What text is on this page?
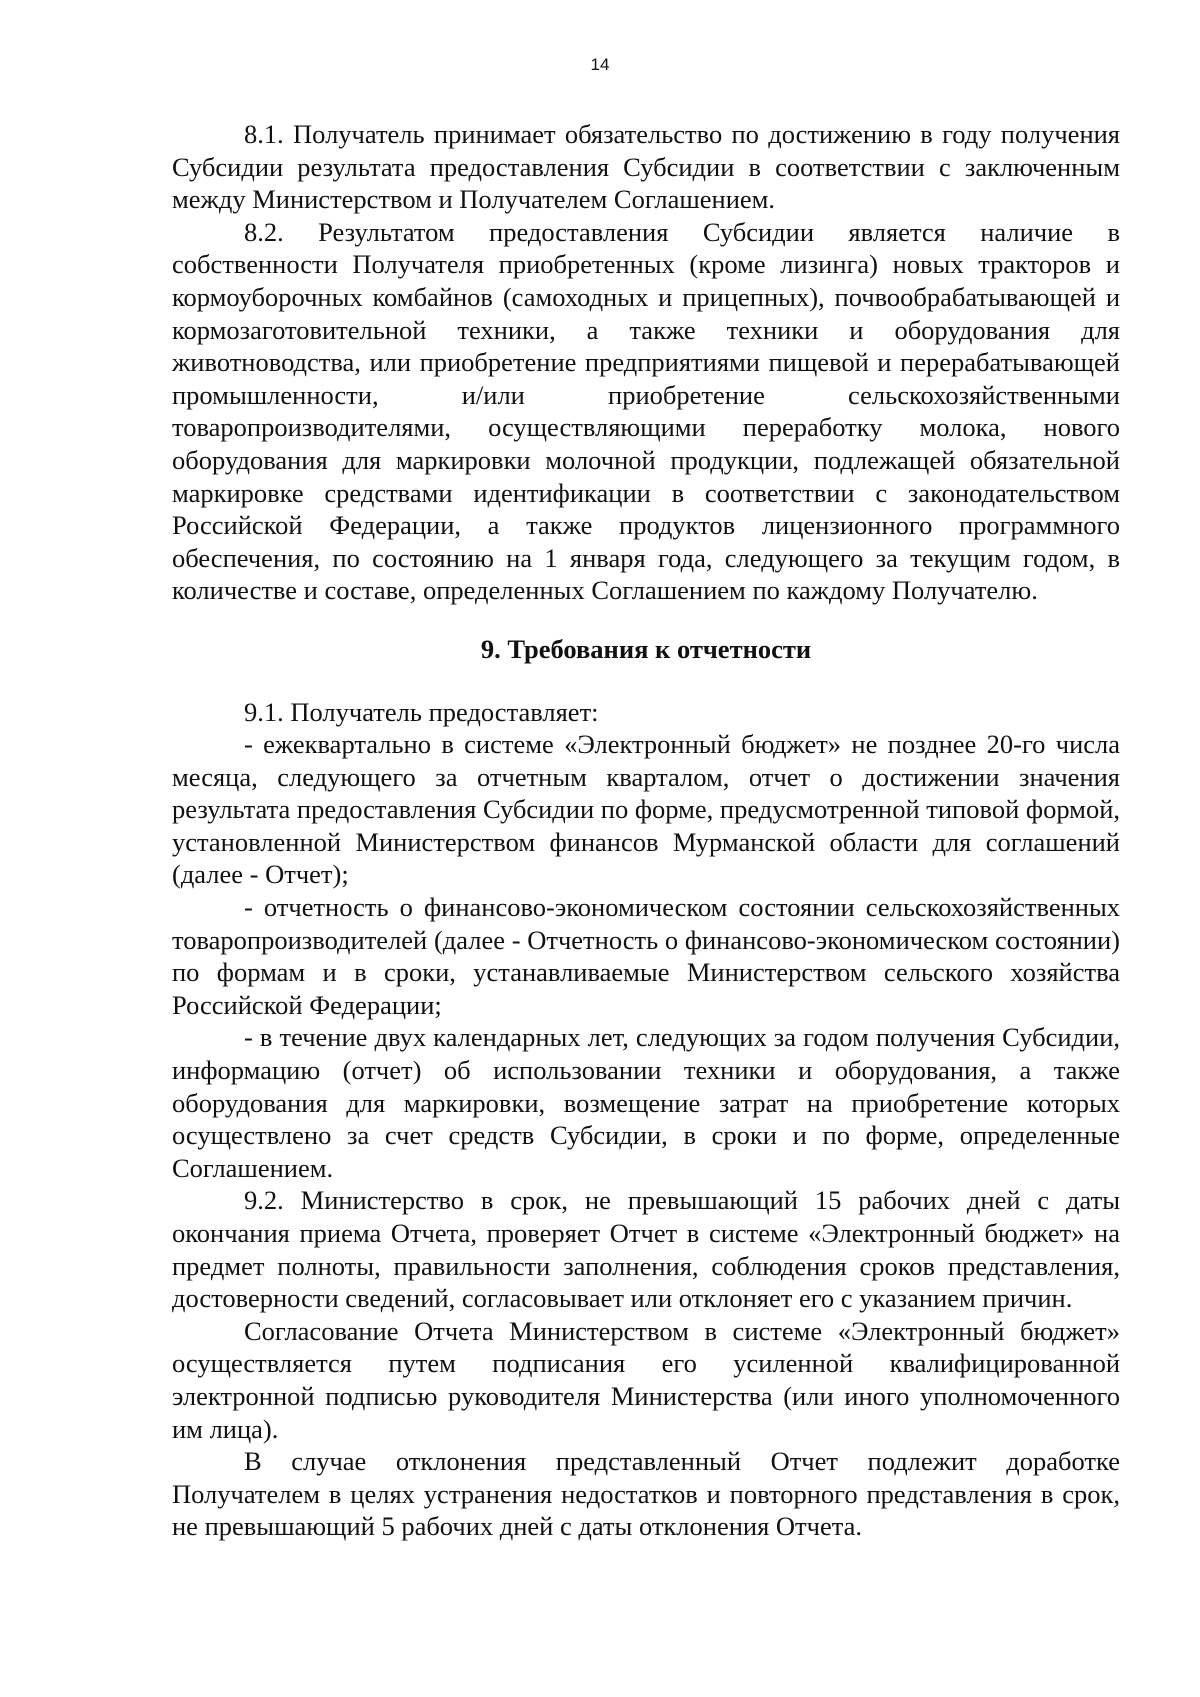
14

8.1. Получатель принимает обязательство по достижению в году получения Субсидии результата предоставления Субсидии в соответствии с заключенным между Министерством и Получателем Соглашением.

8.2. Результатом предоставления Субсидии является наличие в собственности Получателя приобретенных (кроме лизинга) новых тракторов и кормоуборочных комбайнов (самоходных и прицепных), почвообрабатывающей и кормозаготовительной техники, а также техники и оборудования для животноводства, или приобретение предприятиями пищевой и перерабатывающей промышленности, и/или приобретение сельскохозяйственными товаропроизводителями, осуществляющими переработку молока, нового оборудования для маркировки молочной продукции, подлежащей обязательной маркировке средствами идентификации в соответствии с законодательством Российской Федерации, а также продуктов лицензионного программного обеспечения, по состоянию на 1 января года, следующего за текущим годом, в количестве и составе, определенных Соглашением по каждому Получателю.

9. Требования к отчетности

9.1. Получатель предоставляет:

- ежеквартально в системе «Электронный бюджет» не позднее 20-го числа месяца, следующего за отчетным кварталом, отчет о достижении значения результата предоставления Субсидии по форме, предусмотренной типовой формой, установленной Министерством финансов Мурманской области для соглашений (далее - Отчет);

- отчетность о финансово-экономическом состоянии сельскохозяйственных товаропроизводителей (далее - Отчетность о финансово-экономическом состоянии) по формам и в сроки, устанавливаемые Министерством сельского хозяйства Российской Федерации;

- в течение двух календарных лет, следующих за годом получения Субсидии, информацию (отчет) об использовании техники и оборудования, а также оборудования для маркировки, возмещение затрат на приобретение которых осуществлено за счет средств Субсидии, в сроки и по форме, определенные Соглашением.

9.2. Министерство в срок, не превышающий 15 рабочих дней с даты окончания приема Отчета, проверяет Отчет в системе «Электронный бюджет» на предмет полноты, правильности заполнения, соблюдения сроков представления, достоверности сведений, согласовывает или отклоняет его с указанием причин.

Согласование Отчета Министерством в системе «Электронный бюджет» осуществляется путем подписания его усиленной квалифицированной электронной подписью руководителя Министерства (или иного уполномоченного им лица).

В случае отклонения представленный Отчет подлежит доработке Получателем в целях устранения недостатков и повторного представления в срок, не превышающий 5 рабочих дней с даты отклонения Отчета.
